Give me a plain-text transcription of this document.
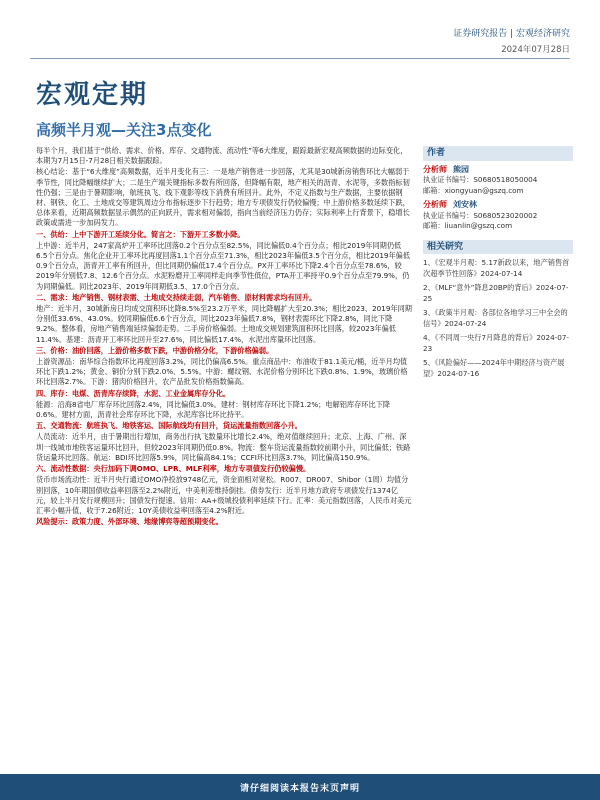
证券研究报告 | 宏观经济研究
2024年07月28日
宏观定期
高频半月观—关注3点变化

每半个月，我们基于“供给、需求、价格、库存、交通物流、流动性”等6大维度，跟踪最新宏观高频数据的边际变化，本期为7月15日-7月28日相关数据跟踪。

核心结论：基于“6大维度”高频数据，近半月变化有三：一是地产销售进一步回落，尤其是30城新房销售环比大幅弱于季节性，同比降幅继续扩大；二是生产端关键指标多数有所回落，但降幅有限，地产相关的沥青、水泥等，多数指标韧性仍强；三是由于暑期影响，航班执飞、线下观影等线下消费有所回升。此外，不定义指数与生产数据，主要依据钢材、钢铁、化工、土地成交等建筑周边分布指标逐步下行趋势；地方专项债发行仍较偏慢；中上游价格多数延续下跌，总体来看，近期高频数据显示偶然的正向跃升，需求相对偏弱，指向当前经济压力仍存；实际利率上行背景下，稳增长政策或需进一步加码发力。

一、供给：上中下游开工延续分化。简言之：下游开工多数小降。

上中游：近半月，247家高炉开工率环比回落0.2个百分点至82.5%，同比偏低0.4个百分点；相比2019年同期仍低6.5个百分点。焦化企业开工率环比再度回落1.1个百分点至71.3%，相比2023年偏低3.5个百分点，相比2019年偏低0.9个百分点，沥青开工率有所回升，但比同期仍偏低17.4个百分点。PX开工率环比下降2.4个百分点至78.6%，较2019年分别低7.8、12.6个百分点。水泥粉磨开工率同样走向季节性低位，PTA开工率持平0.9个百分点至79.9%，仍为同期偏低。同比2023年、2019年同期低3.5、17.0个百分点。

二、需求：地产销售、钢材表需、土地成交持续走弱，汽车销售、原材料需求均有回升。

地产：近半月，30城新房日均成交面积环比降8.5%至23.2万平米，同比降幅扩大至20.3%；相比2023、2019年同期分别低33.6%、43.0%。较同期偏低6.6个百分点，同比2023年偏低7.8%，钢材表需环比下降2.8%，同比下降9.2%。整体看，房地产销售端延续偏弱走势。二手房价格偏弱。土地成交规划建筑面积环比回落，较2023年偏低11.4%。基建：沥青开工率环比回升至27.6%，同比偏低17.4%，水泥出库量环比回落。

三、价格：油价回落，上游价格多数下跌，中游价格分化，下游价格偏弱。

上游资源品：南华综合指数环比再度回落3.2%，同比仍偏高6.5%。重点商品中：布油收于81.1美元/桶，近半月均值环比下跌1.2%；黄金、铜价分别下跌2.0%、5.5%。中游：螺纹钢、水泥价格分别环比下跌0.8%、1.9%，玻璃价格环比回落2.7%。下游：猪肉价格回升，农产品批发价格指数偏高。

四、库存：电煤、沥青库存续降，水泥、工业金属库存分化。

能源：沿海8省电厂库存环比回落2.4%，同比偏低3.0%。建材：钢材库存环比下降1.2%；电解铝库存环比下降0.6%。建材方面，沥青社会库存环比下降，水泥库容比环比持平。

五、交通物流：航班执飞、地铁客运、国际航线均有回升，货运流量指数回落小升。

人员流动：近半月，由于暑期出行增加，商务出行执飞数量环比增长2.4%，绝对值继续回升；北京、上海、广州、深圳一线城市地铁客运量环比回升，但较2023年同期仍低0.8%。物流：整车货运流量指数较前期小升，同比偏低；铁路货运量环比回落。航运：BDI环比回落5.9%，同比偏高84.1%；CCFI环比回落3.7%，同比偏高150.9%。

六、流动性数据：央行加码下调OMO、LPR、MLF利率，地方专项债发行仍较偏慢。

货币市场流动性：近半月央行通过OMO净投放9748亿元，资金面相对宽松。R007、DR007、Shibor（1周）均值分别回落，10年期国债收益率回落至2.2%附近，中美利差维持倒挂。债券发行：近半月地方政府专项债发行1374亿元，较上半月发行规模回升；国债发行提速。信用：AA+级城投债利率延续下行。汇率：美元指数回落，人民币对美元汇率小幅升值，收于7.26附近；10Y美债收益率回落至4.2%附近。

风险提示：政策力度、外部环境、地缘博弈等超预期变化。

作者
分析师 熊园
执业证书编号：S0680518050004
邮箱：xiongyuan@gszq.com
分析师 刘安林
执业证书编号：S0680523020002
邮箱：liuanlin@gszq.com
相关研究
1、《宏观半月观：5.17新政以来，地产销售首次超季节性回落》2024-07-14
2、《MLF“意外”降息20BP的背后》2024-07-25
3、《政策半月观：各部位各地学习三中全会的信号》2024-07-24
4、《不同周一央行7月降息的背后》2024-07-23
5、《风险偏好——2024年中期经济与资产展望》2024-07-16
请仔细阅读本报告末页声明
